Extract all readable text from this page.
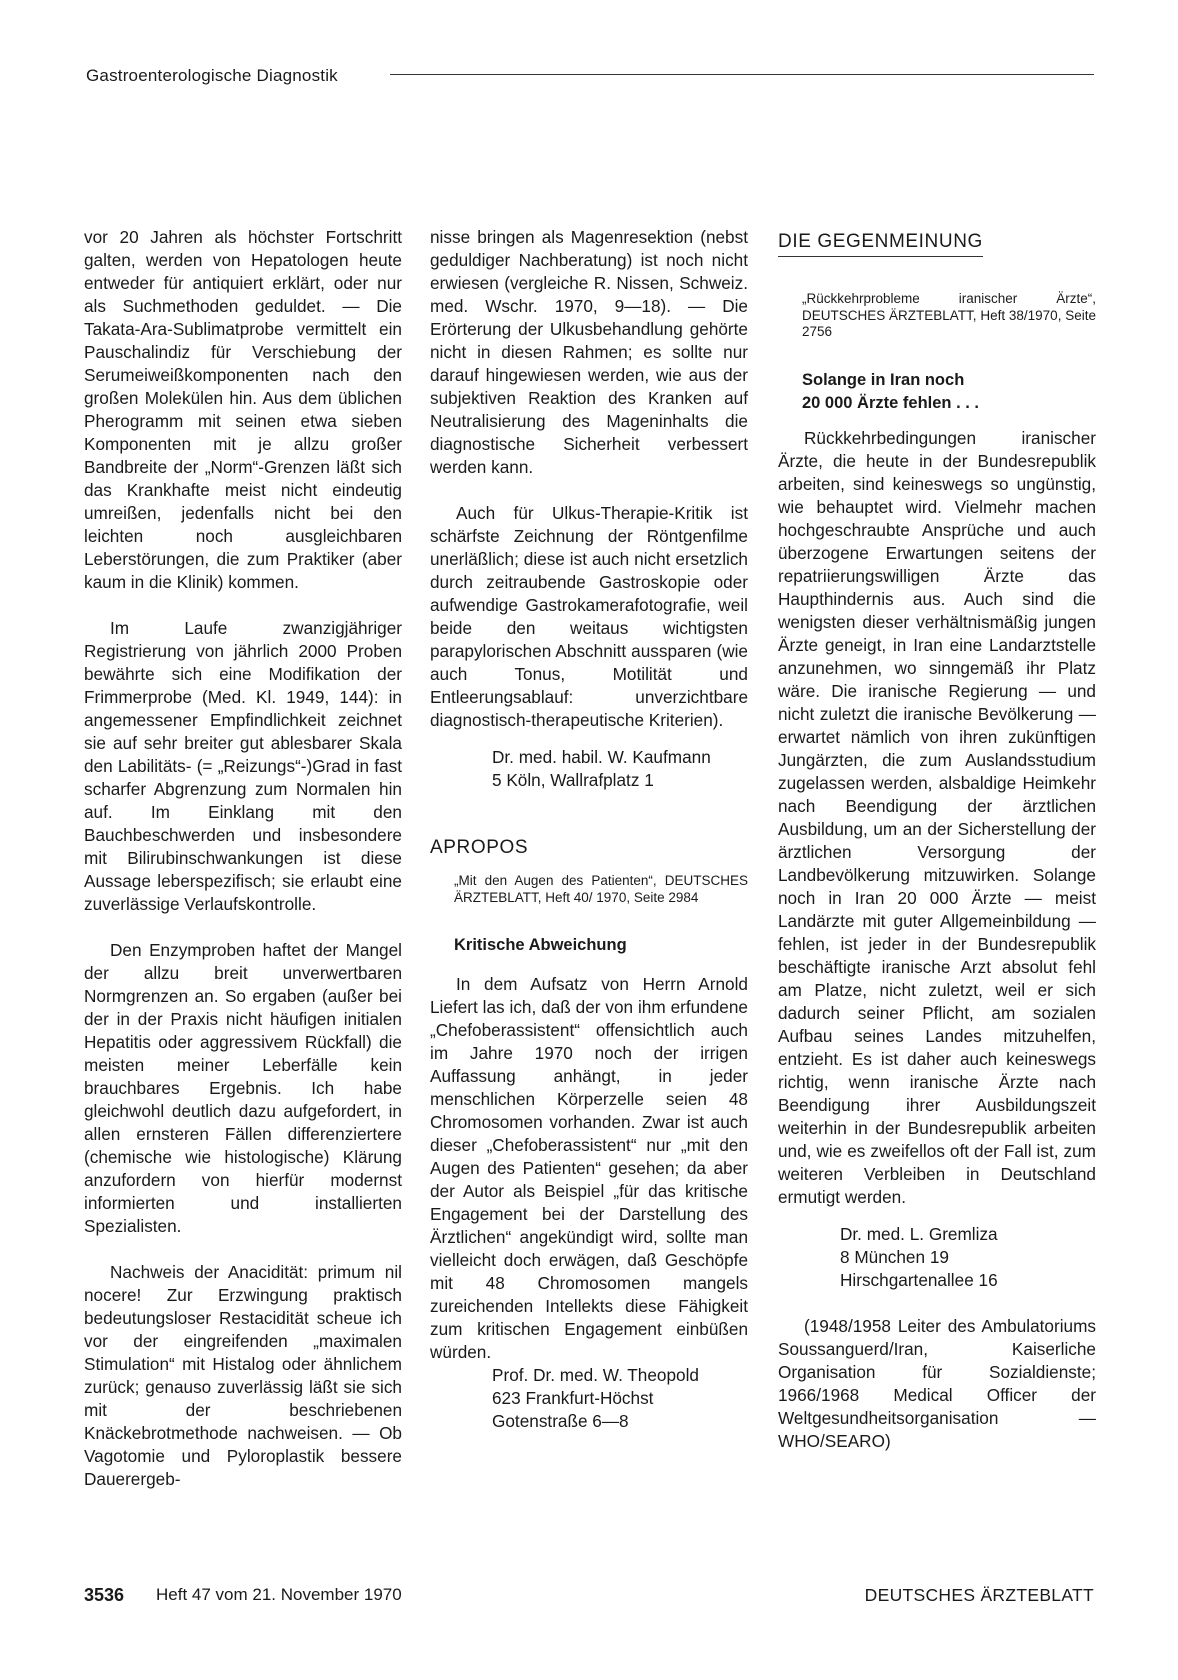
Gastroenterologische Diagnostik

vor 20 Jahren als höchster Fortschritt galten, werden von Hepatologen heute entweder für antiquiert erklärt, oder nur als Suchmethoden geduldet. — Die Takata-Ara-Sublimatprobe vermittelt ein Pauschalindiz für Verschiebung der Serumeiweißkomponenten nach den großen Molekülen hin. Aus dem üblichen Pherogramm mit seinen etwa sieben Komponenten mit je allzu großer Bandbreite der „Norm“-Grenzen läßt sich das Krankhafte meist nicht eindeutig umreißen, jedenfalls nicht bei den leichten noch ausgleichbaren Leberstörungen, die zum Praktiker (aber kaum in die Klinik) kommen.

Im Laufe zwanzigjähriger Registrierung von jährlich 2000 Proben bewährte sich eine Modifikation der Frimmerprobe (Med. Kl. 1949, 144): in angemessener Empfindlichkeit zeichnet sie auf sehr breiter gut ablesbarer Skala den Labilitäts- (= „Reizungs“-)Grad in fast scharfer Abgrenzung zum Normalen hin auf. Im Einklang mit den Bauchbeschwerden und insbesondere mit Bilirubinschwankungen ist diese Aussage leberspezifisch; sie erlaubt eine zuverlässige Verlaufskontrolle.

Den Enzymproben haftet der Mangel der allzu breit unverwertbaren Normgrenzen an. So ergaben (außer bei der in der Praxis nicht häufigen initialen Hepatitis oder aggressivem Rückfall) die meisten meiner Leberfälle kein brauchbares Ergebnis. Ich habe gleichwohl deutlich dazu aufgefordert, in allen ernsteren Fällen differenziertere (chemische wie histologische) Klärung anzufordern von hierfür modernst informierten und installierten Spezialisten.

Nachweis der Anacidität: primum nil nocere! Zur Erzwingung praktisch bedeutungsloser Restacidität scheue ich vor der eingreifenden „maximalen Stimulation“ mit Histalog oder ähnlichem zurück; genauso zuverlässig läßt sie sich mit der beschriebenen Knäckebrotmethode nachweisen. — Ob Vagotomie und Pyloroplastik bessere Dauerergeb-

nisse bringen als Magenresektion (nebst geduldiger Nachberatung) ist noch nicht erwiesen (vergleiche R. Nissen, Schweiz. med. Wschr. 1970, 9—18). — Die Erörterung der Ulkusbehandlung gehörte nicht in diesen Rahmen; es sollte nur darauf hingewiesen werden, wie aus der subjektiven Reaktion des Kranken auf Neutralisierung des Mageninhalts die diagnostische Sicherheit verbessert werden kann.

Auch für Ulkus-Therapie-Kritik ist schärfste Zeichnung der Röntgenfilme unerläßlich; diese ist auch nicht ersetzlich durch zeitraubende Gastroskopie oder aufwendige Gastrokamerafotografie, weil beide den weitaus wichtigsten parapylorischen Abschnitt aussparen (wie auch Tonus, Motilität und Entleerungsablauf: unverzichtbare diagnostisch-therapeutische Kriterien).

Dr. med. habil. W. Kaufmann

5 Köln, Wallrafplatz 1

APROPOS

„Mit den Augen des Patienten“, DEUTSCHES ÄRZTEBLATT, Heft 40/ 1970, Seite 2984

Kritische Abweichung

In dem Aufsatz von Herrn Arnold Liefert las ich, daß der von ihm erfundene „Chefoberassistent“ offensichtlich auch im Jahre 1970 noch der irrigen Auffassung anhängt, in jeder menschlichen Körperzelle seien 48 Chromosomen vorhanden. Zwar ist auch dieser „Chefoberassistent“ nur „mit den Augen des Patienten“ gesehen; da aber der Autor als Beispiel „für das kritische Engagement bei der Darstellung des Ärztlichen“ angekündigt wird, sollte man vielleicht doch erwägen, daß Geschöpfe mit 48 Chromosomen mangels zureichenden Intellekts diese Fähigkeit zum kritischen Engagement einbüßen würden.

Prof. Dr. med. W. Theopold

623 Frankfurt-Höchst

Gotenstraße 6—8

DIE GEGENMEINUNG

„Rückkehrprobleme iranischer Ärzte“, DEUTSCHES ÄRZTEBLATT, Heft 38/1970, Seite 2756

Solange in Iran noch
20 000 Ärzte fehlen . . .

Rückkehrbedingungen iranischer Ärzte, die heute in der Bundesrepublik arbeiten, sind keineswegs so ungünstig, wie behauptet wird. Vielmehr machen hochgeschraubte Ansprüche und auch überzogene Erwartungen seitens der repatriierungswilligen Ärzte das Haupthindernis aus. Auch sind die wenigsten dieser verhältnismäßig jungen Ärzte geneigt, in Iran eine Landarztstelle anzunehmen, wo sinngemäß ihr Platz wäre. Die iranische Regierung — und nicht zuletzt die iranische Bevölkerung — erwartet nämlich von ihren zukünftigen Jungärzten, die zum Auslandsstudium zugelassen werden, alsbaldige Heimkehr nach Beendigung der ärztlichen Ausbildung, um an der Sicherstellung der ärztlichen Versorgung der Landbevölkerung mitzuwirken. Solange noch in Iran 20 000 Ärzte — meist Landärzte mit guter Allgemeinbildung — fehlen, ist jeder in der Bundesrepublik beschäftigte iranische Arzt absolut fehl am Platze, nicht zuletzt, weil er sich dadurch seiner Pflicht, am sozialen Aufbau seines Landes mitzuhelfen, entzieht. Es ist daher auch keineswegs richtig, wenn iranische Ärzte nach Beendigung ihrer Ausbildungszeit weiterhin in der Bundesrepublik arbeiten und, wie es zweifellos oft der Fall ist, zum weiteren Verbleiben in Deutschland ermutigt werden.

Dr. med. L. Gremliza

8 München 19

Hirschgartenallee 16

(1948/1958 Leiter des Ambulatoriums Soussanguerd/Iran, Kaiserliche Organisation für Sozialdienste; 1966/1968 Medical Officer der Weltgesundheitsorganisation — WHO/SEARO)

3536 Heft 47 vom 21. November 1970	DEUTSCHES ÄRZTEBLATT
